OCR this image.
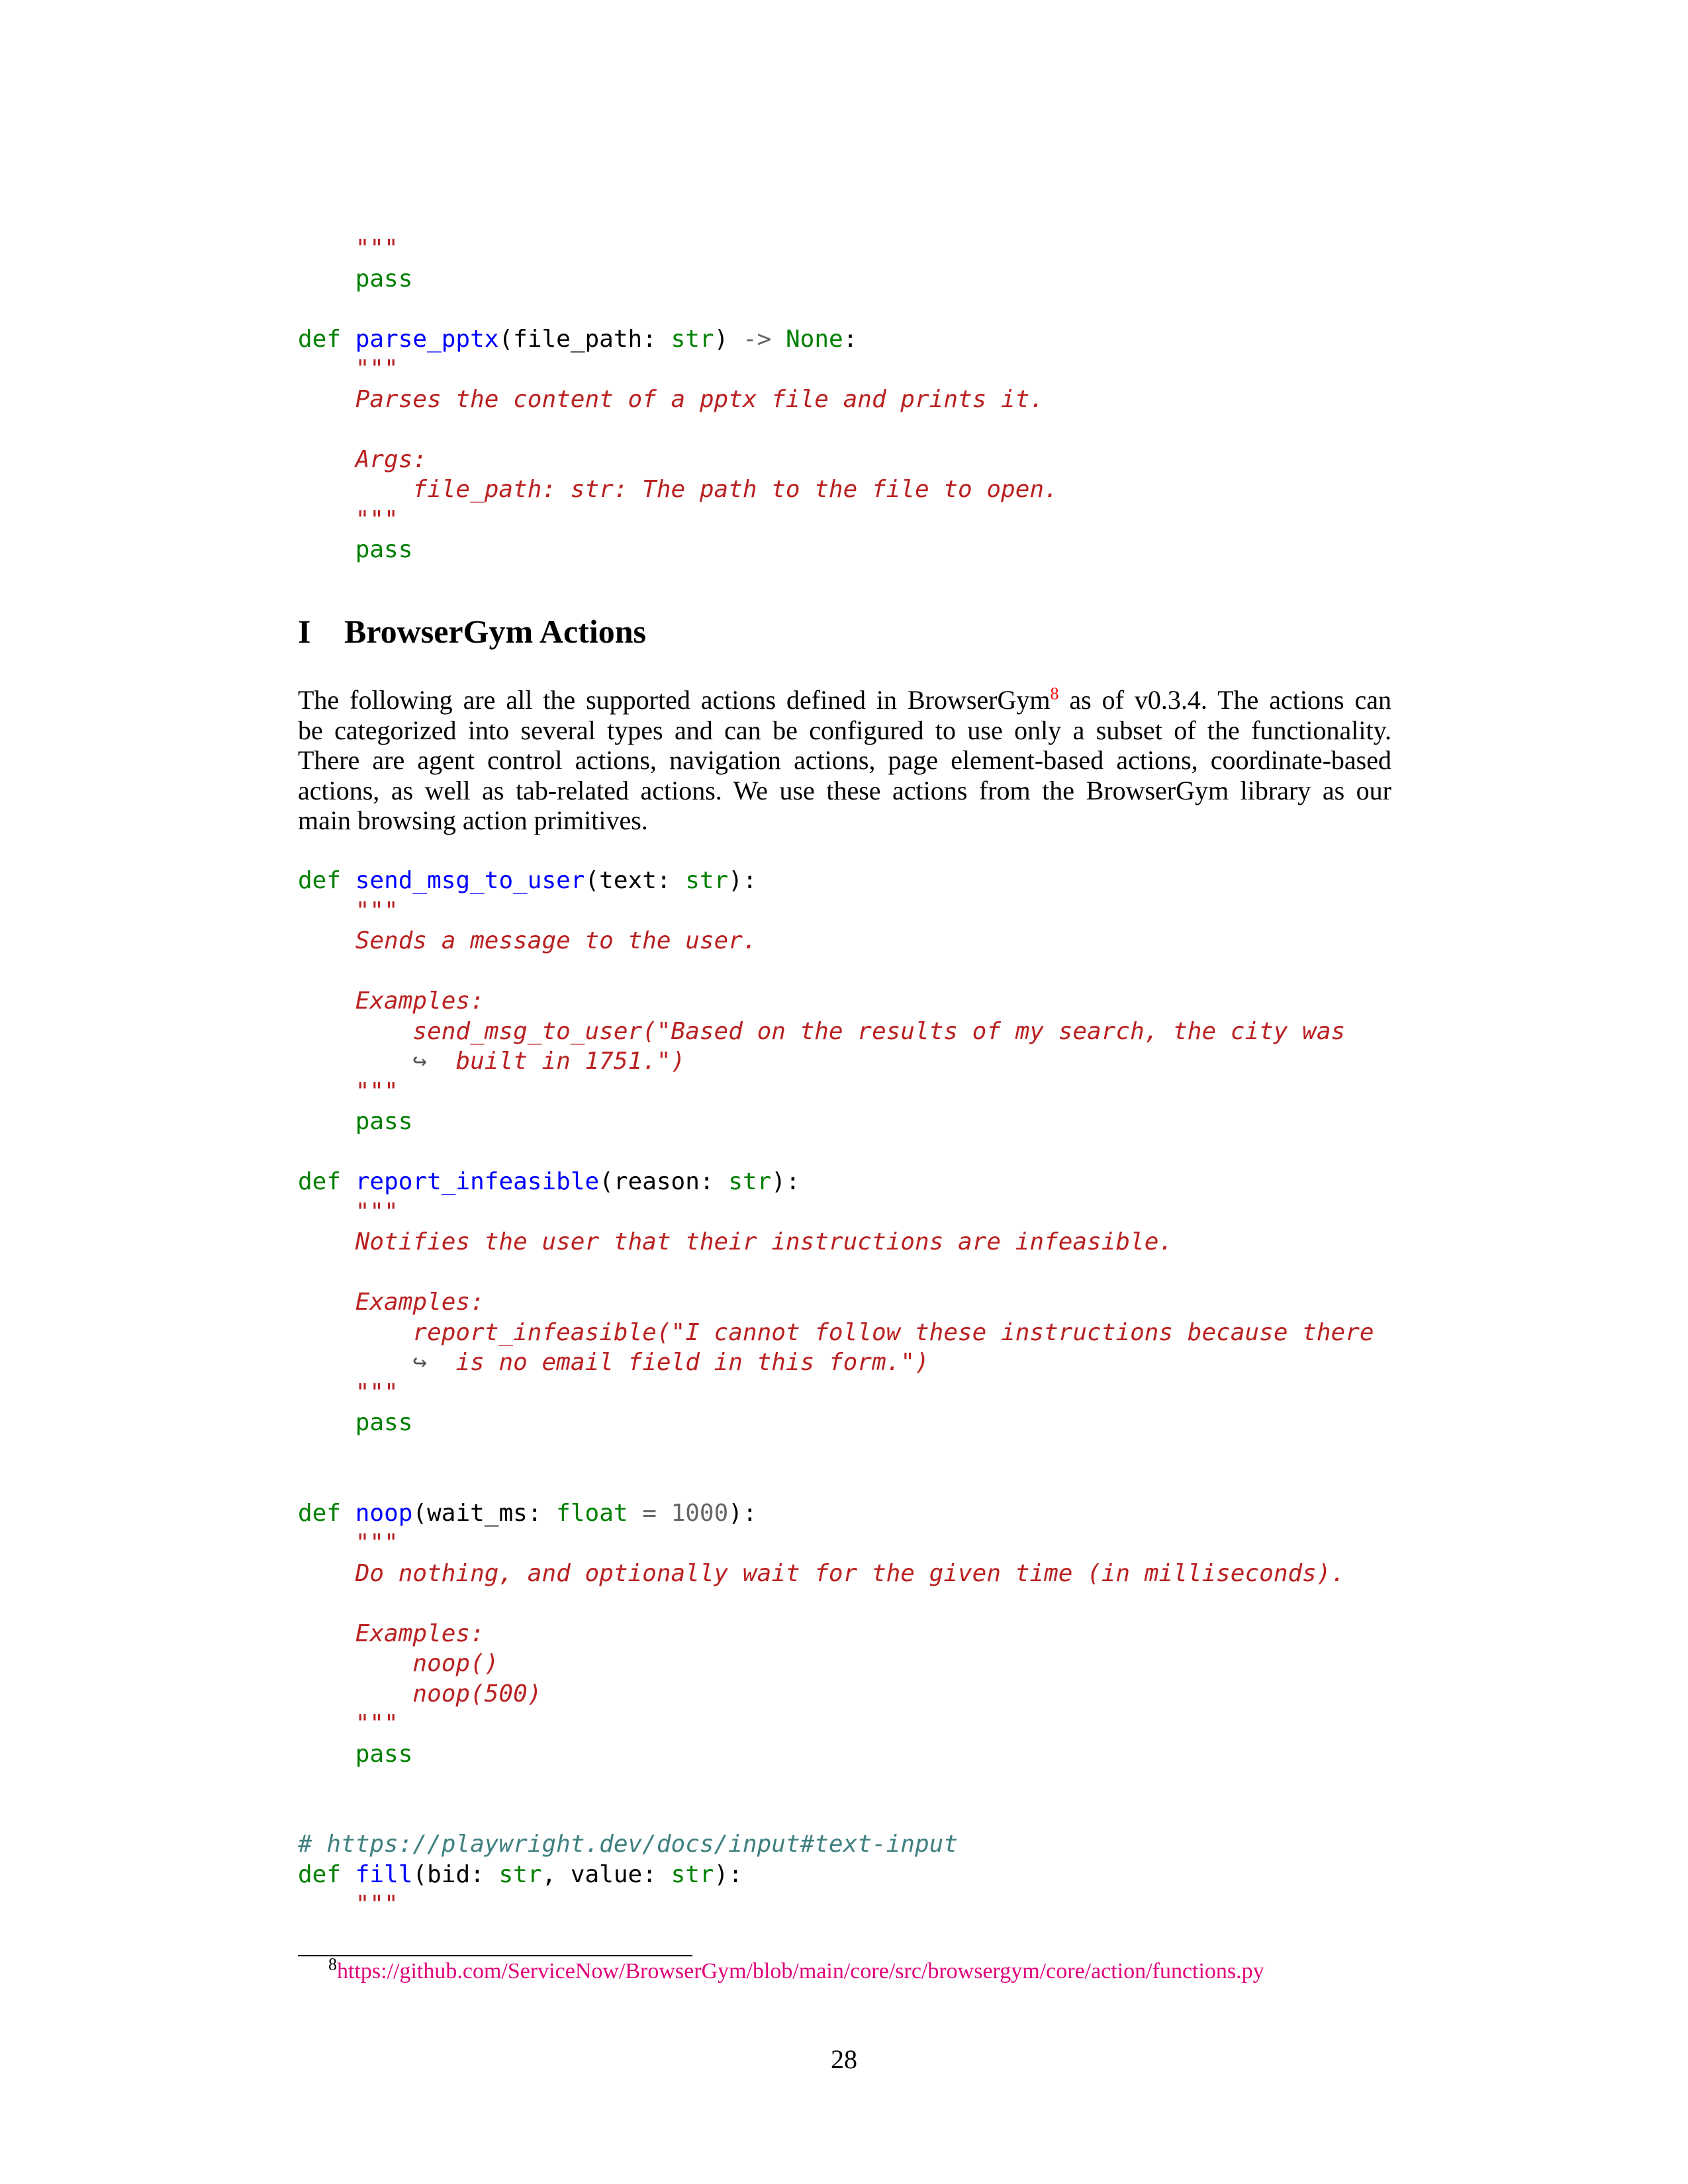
"""
pass
def parse_pptx(file_path: str) -> None:
"""
Parses the content of a pptx file and prints it.
Args:
file_path: str: The path to the file to open.
"""
pass
I BrowserGym Actions
The following are all the supported actions defined in BrowserGym$^8$ as of v0.3.4. The actions can
be categorized into several types and can be configured to use only a subset of the functionality.
There are agent control actions, navigation actions, page element-based actions, coordinate-based
actions, as well as tab-related actions. We use these actions from the BrowserGym library as our
main browsing action primitives.
def send_msg_to_user(text: str):
"""
Sends a message to the user.
Examples:
send_msg_to_user("Based on the results of my search, the city was
↪ built in 1751.")
"""
pass
def report_infeasible(reason: str):
"""
Notifies the user that their instructions are infeasible.
Examples:
report_infeasible("I cannot follow these instructions because there
↪ is no email field in this form.")
"""
pass
def noop(wait_ms: float = 1000):
"""
Do nothing, and optionally wait for the given time (in milliseconds).
Examples:
noop()
noop(500)
"""
pass
# https://playwright.dev/docs/input#text-input
def fill(bid: str, value: str):
"""
$^8$https://github.com/ServiceNow/BrowserGym/blob/main/core/src/browsergym/core/action/functions.py
28
